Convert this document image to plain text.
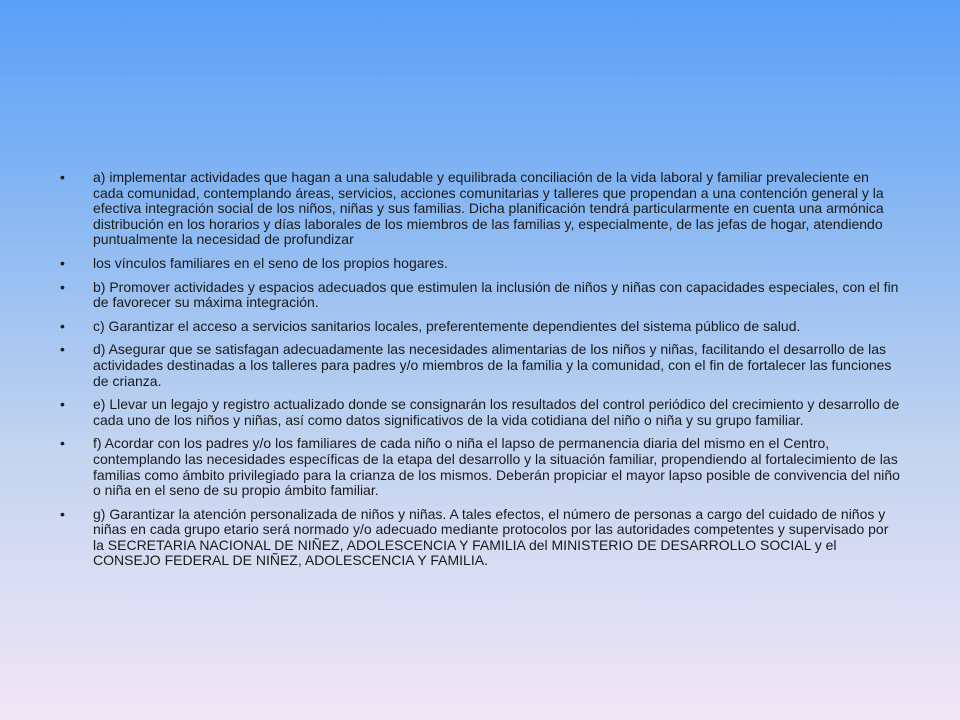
• a) implementar actividades que hagan a una saludable y equilibrada conciliación de la vida laboral y familiar prevaleciente en cada comunidad, contemplando áreas, servicios, acciones comunitarias y talleres que propendan a una contención general y la efectiva integración social de los niños, niñas y sus familias. Dicha planificación tendrá particularmente en cuenta una armónica distribución en los horarios y días laborales de los miembros de las familias y, especialmente, de las jefas de hogar, atendiendo puntualmente la necesidad de profundizar
• los vínculos familiares en el seno de los propios hogares.
• b) Promover actividades y espacios adecuados que estimulen la inclusión de niños y niñas con capacidades especiales, con el fin de favorecer su máxima integración.
• c) Garantizar el acceso a servicios sanitarios locales, preferentemente dependientes del sistema público de salud.
• d) Asegurar que se satisfagan adecuadamente las necesidades alimentarias de los niños y niñas, facilitando el desarrollo de las actividades destinadas a los talleres para padres y/o miembros de la familia y la comunidad, con el fin de fortalecer las funciones de crianza.
• e) Llevar un legajo y registro actualizado donde se consignarán los resultados del control periódico del crecimiento y desarrollo de cada uno de los niños y niñas, así como datos significativos de la vida cotidiana del niño o niña y su grupo familiar.
• f) Acordar con los padres y/o los familiares de cada niño o niña el lapso de permanencia diaria del mismo en el Centro, contemplando las necesidades específicas de la etapa del desarrollo y la situación familiar, propendiendo al fortalecimiento de las familias como ámbito privilegiado para la crianza de los mismos. Deberán propiciar el mayor lapso posible de convivencia del niño o niña en el seno de su propio ámbito familiar.
• g) Garantizar la atención personalizada de niños y niñas. A tales efectos, el número de personas a cargo del cuidado de niños y niñas en cada grupo etario será normado y/o adecuado mediante protocolos por las autoridades competentes y supervisado por la SECRETARIA NACIONAL DE NIÑEZ, ADOLESCENCIA Y FAMILIA del MINISTERIO DE DESARROLLO SOCIAL y el CONSEJO FEDERAL DE NIÑEZ, ADOLESCENCIA Y FAMILIA.
